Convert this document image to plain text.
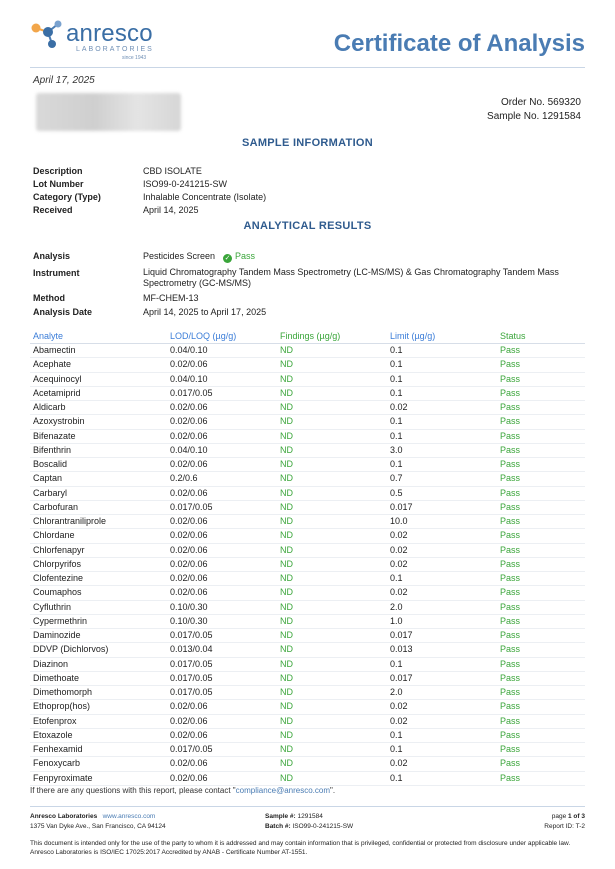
anresco
LABORATORIES
since 1943
Certificate of Analysis
April 17, 2025
Order No. 569320
Sample No. 1291584
SAMPLE INFORMATION
Description	CBD ISOLATE
Lot Number	ISO99-0-241215-SW
Category (Type)	Inhalable Concentrate (Isolate)
Received	April 14, 2025
ANALYTICAL RESULTS
Analysis	Pesticides Screen ✓ Pass
Instrument	Liquid Chromatography Tandem Mass Spectrometry (LC-MS/MS) & Gas Chromatography Tandem Mass Spectrometry (GC-MS/MS)
Method	MF-CHEM-13
Analysis Date	April 14, 2025 to April 17, 2025
Analyte	LOD/LOQ (µg/g)	Findings (µg/g)	Limit (µg/g)	Status
Abamectin	0.04/0.10	ND	0.1	Pass
Acephate	0.02/0.06	ND	0.1	Pass
Acequinocyl	0.04/0.10	ND	0.1	Pass
Acetamiprid	0.017/0.05	ND	0.1	Pass
Aldicarb	0.02/0.06	ND	0.02	Pass
Azoxystrobin	0.02/0.06	ND	0.1	Pass
Bifenazate	0.02/0.06	ND	0.1	Pass
Bifenthrin	0.04/0.10	ND	3.0	Pass
Boscalid	0.02/0.06	ND	0.1	Pass
Captan	0.2/0.6	ND	0.7	Pass
Carbaryl	0.02/0.06	ND	0.5	Pass
Carbofuran	0.017/0.05	ND	0.017	Pass
Chlorantraniliprole	0.02/0.06	ND	10.0	Pass
Chlordane	0.02/0.06	ND	0.02	Pass
Chlorfenapyr	0.02/0.06	ND	0.02	Pass
Chlorpyrifos	0.02/0.06	ND	0.02	Pass
Clofentezine	0.02/0.06	ND	0.1	Pass
Coumaphos	0.02/0.06	ND	0.02	Pass
Cyfluthrin	0.10/0.30	ND	2.0	Pass
Cypermethrin	0.10/0.30	ND	1.0	Pass
Daminozide	0.017/0.05	ND	0.017	Pass
DDVP (Dichlorvos)	0.013/0.04	ND	0.013	Pass
Diazinon	0.017/0.05	ND	0.1	Pass
Dimethoate	0.017/0.05	ND	0.017	Pass
Dimethomorph	0.017/0.05	ND	2.0	Pass
Ethoprop(hos)	0.02/0.06	ND	0.02	Pass
Etofenprox	0.02/0.06	ND	0.02	Pass
Etoxazole	0.02/0.06	ND	0.1	Pass
Fenhexamid	0.017/0.05	ND	0.1	Pass
Fenoxycarb	0.02/0.06	ND	0.02	Pass
Fenpyroximate	0.02/0.06	ND	0.1	Pass
If there are any questions with this report, please contact "compliance@anresco.com".
Anresco Laboratories www.anresco.com
1375 Van Dyke Ave., San Francisco, CA 94124
Sample #: 1291584
Batch #: ISO99-0-241215-SW
page 1 of 3
Report ID: T-2
This document is intended only for the use of the party to whom it is addressed and may contain information that is privileged, confidential or protected from disclosure under applicable law. Anresco Laboratories is ISO/IEC 17025:2017 Accredited by ANAB - Certificate Number AT-1551.
